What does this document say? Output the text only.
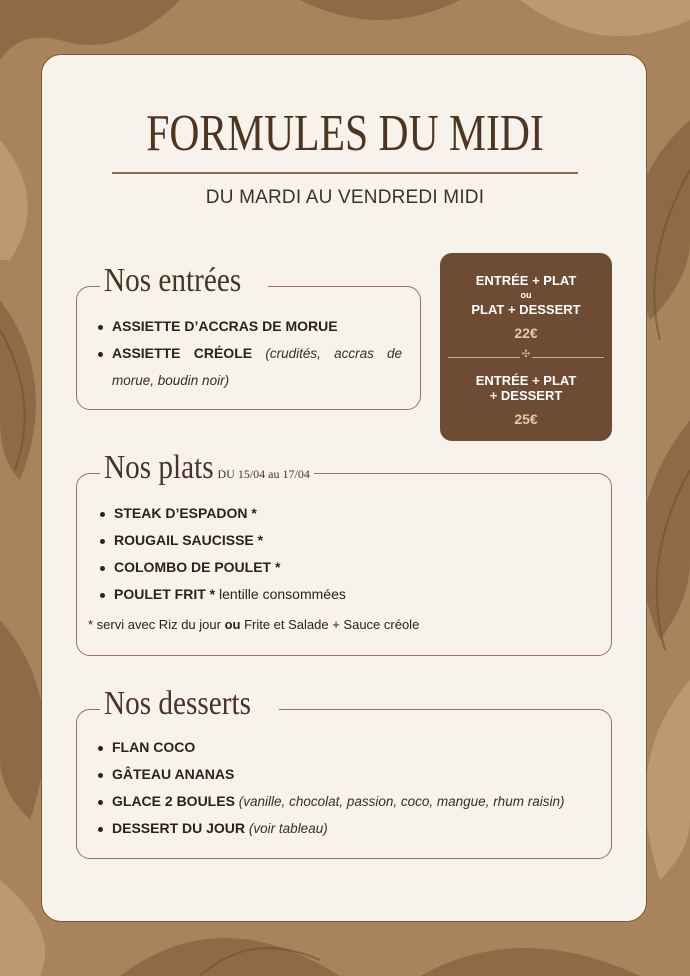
FORMULES DU MIDI
DU MARDI AU VENDREDI MIDI
Nos entrées
ASSIETTE D’ACCRAS DE MORUE
ASSIETTE CRÉOLE (crudités, accras de morue, boudin noir)
ENTRÉE + PLAT
ou
PLAT + DESSERT
22€
✣
ENTRÉE + PLAT
+ DESSERT
25€
Nos plats DU 15/04 au 17/04
STEAK D’ESPADON *
ROUGAIL SAUCISSE *
COLOMBO DE POULET *
POULET FRIT * lentille consommées
* servi avec Riz du jour ou Frite et Salade + Sauce créole
Nos desserts
FLAN COCO
GÂTEAU ANANAS
GLACE 2 BOULES (vanille, chocolat, passion, coco, mangue, rhum raisin)
DESSERT DU JOUR (voir tableau)
